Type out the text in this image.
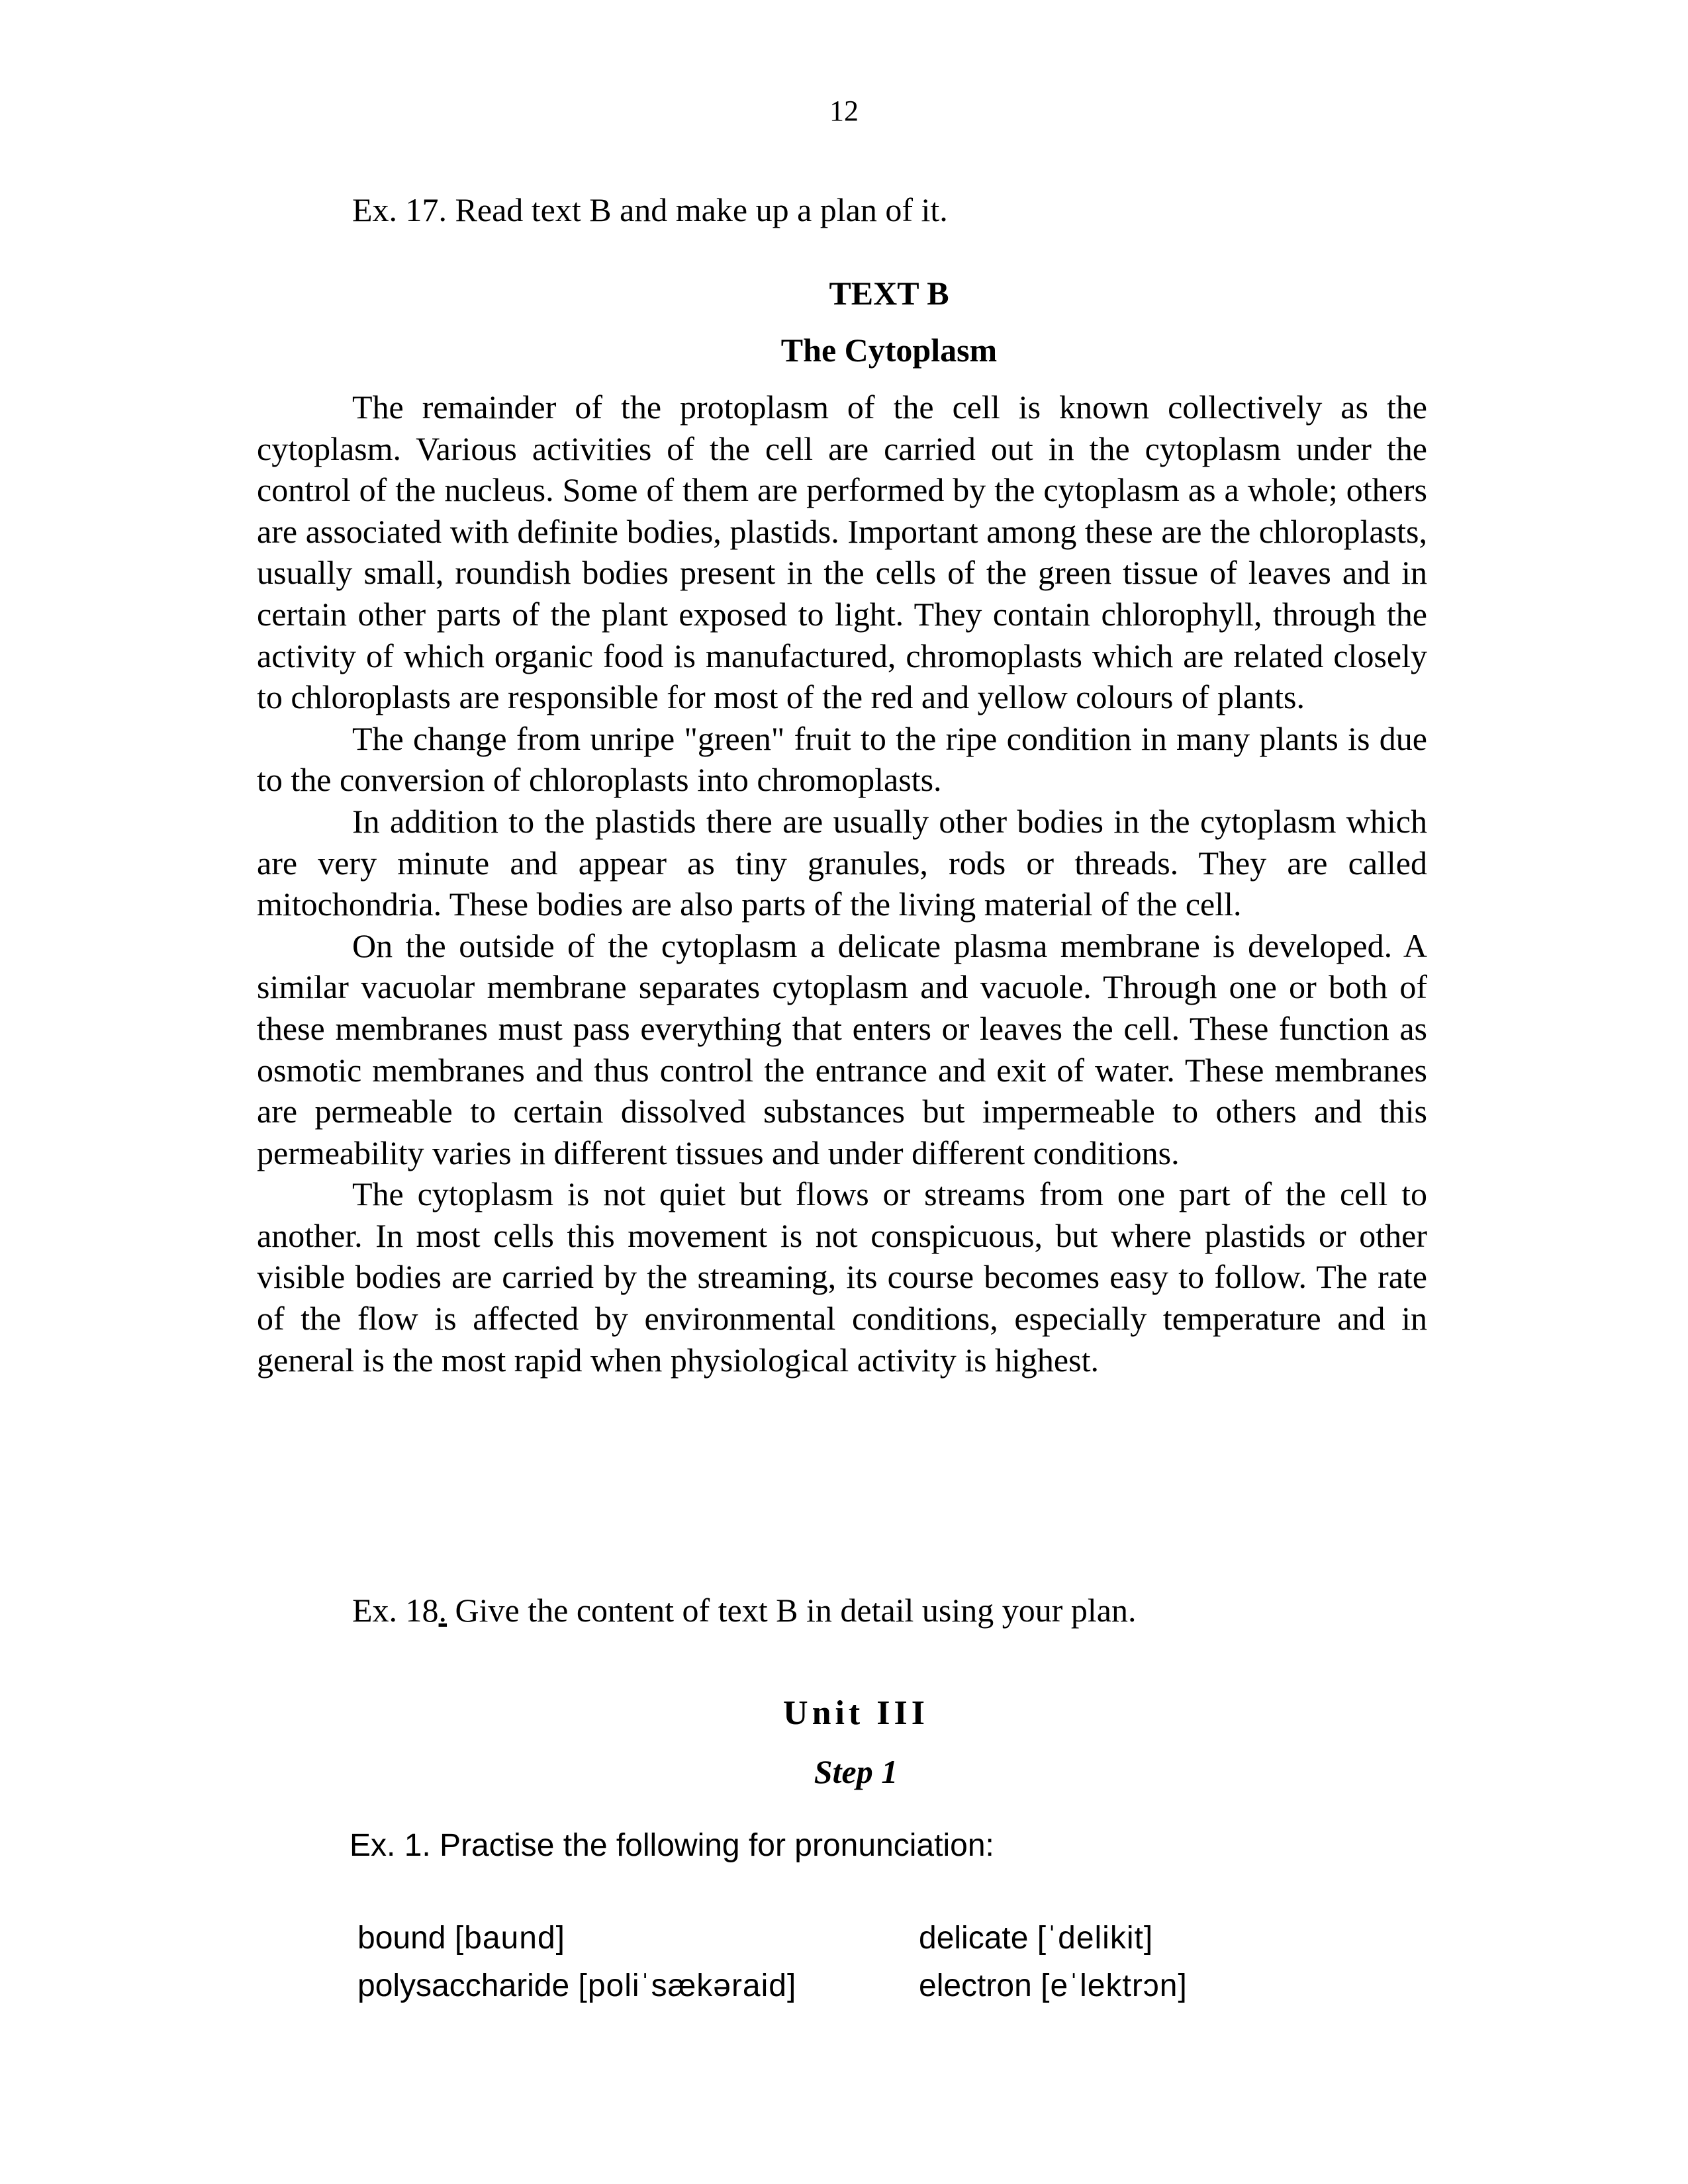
12
Ex. 17. Read text B and make up a plan of it.
TEXT B
The Cytoplasm

The remainder of the protoplasm of the cell is known collectively as the cytoplasm. Various activities of the cell are carried out in the cytoplasm under the control of the nucleus. Some of them are performed by the cytoplasm as a whole; others are associated with definite bodies, plastids. Important among these are the chloroplasts, usually small, roundish bodies present in the cells of the green tissue of leaves and in certain other parts of the plant exposed to light. They contain chlorophyll, through the activity of which organic food is manufactured, chromoplasts which are related closely to chloroplasts are responsible for most of the red and yellow colours of plants.

The change from unripe "green" fruit to the ripe condition in many plants is due to the conversion of chloroplasts into chromoplasts.

In addition to the plastids there are usually other bodies in the cytoplasm which are very minute and appear as tiny granules, rods or threads. They are called mitochondria. These bodies are also parts of the living material of the cell.

On the outside of the cytoplasm a delicate plasma membrane is developed. A similar vacuolar membrane separates cytoplasm and vacuole. Through one or both of these membranes must pass everything that enters or leaves the cell. These function as osmotic membranes and thus control the entrance and exit of water. These membranes are permeable to certain dissolved substances but impermeable to others and this permeability varies in different tissues and under different conditions.

The cytoplasm is not quiet but flows or streams from one part of the cell to another. In most cells this movement is not conspicuous, but where plastids or other visible bodies are carried by the streaming, its course becomes easy to follow. The rate of the flow is affected by environmental conditions, especially temperature and in general is the most rapid when physiological activity is highest.

Ex. 18. Give the content of text B in detail using your plan.
Unit III
Step 1
Ex. 1. Practise the following for pronunciation:
bound [baund]	delicate [ˈdelikit]
polysaccharide [poliˈsækəraid]	electron [eˈlektrɔn]
